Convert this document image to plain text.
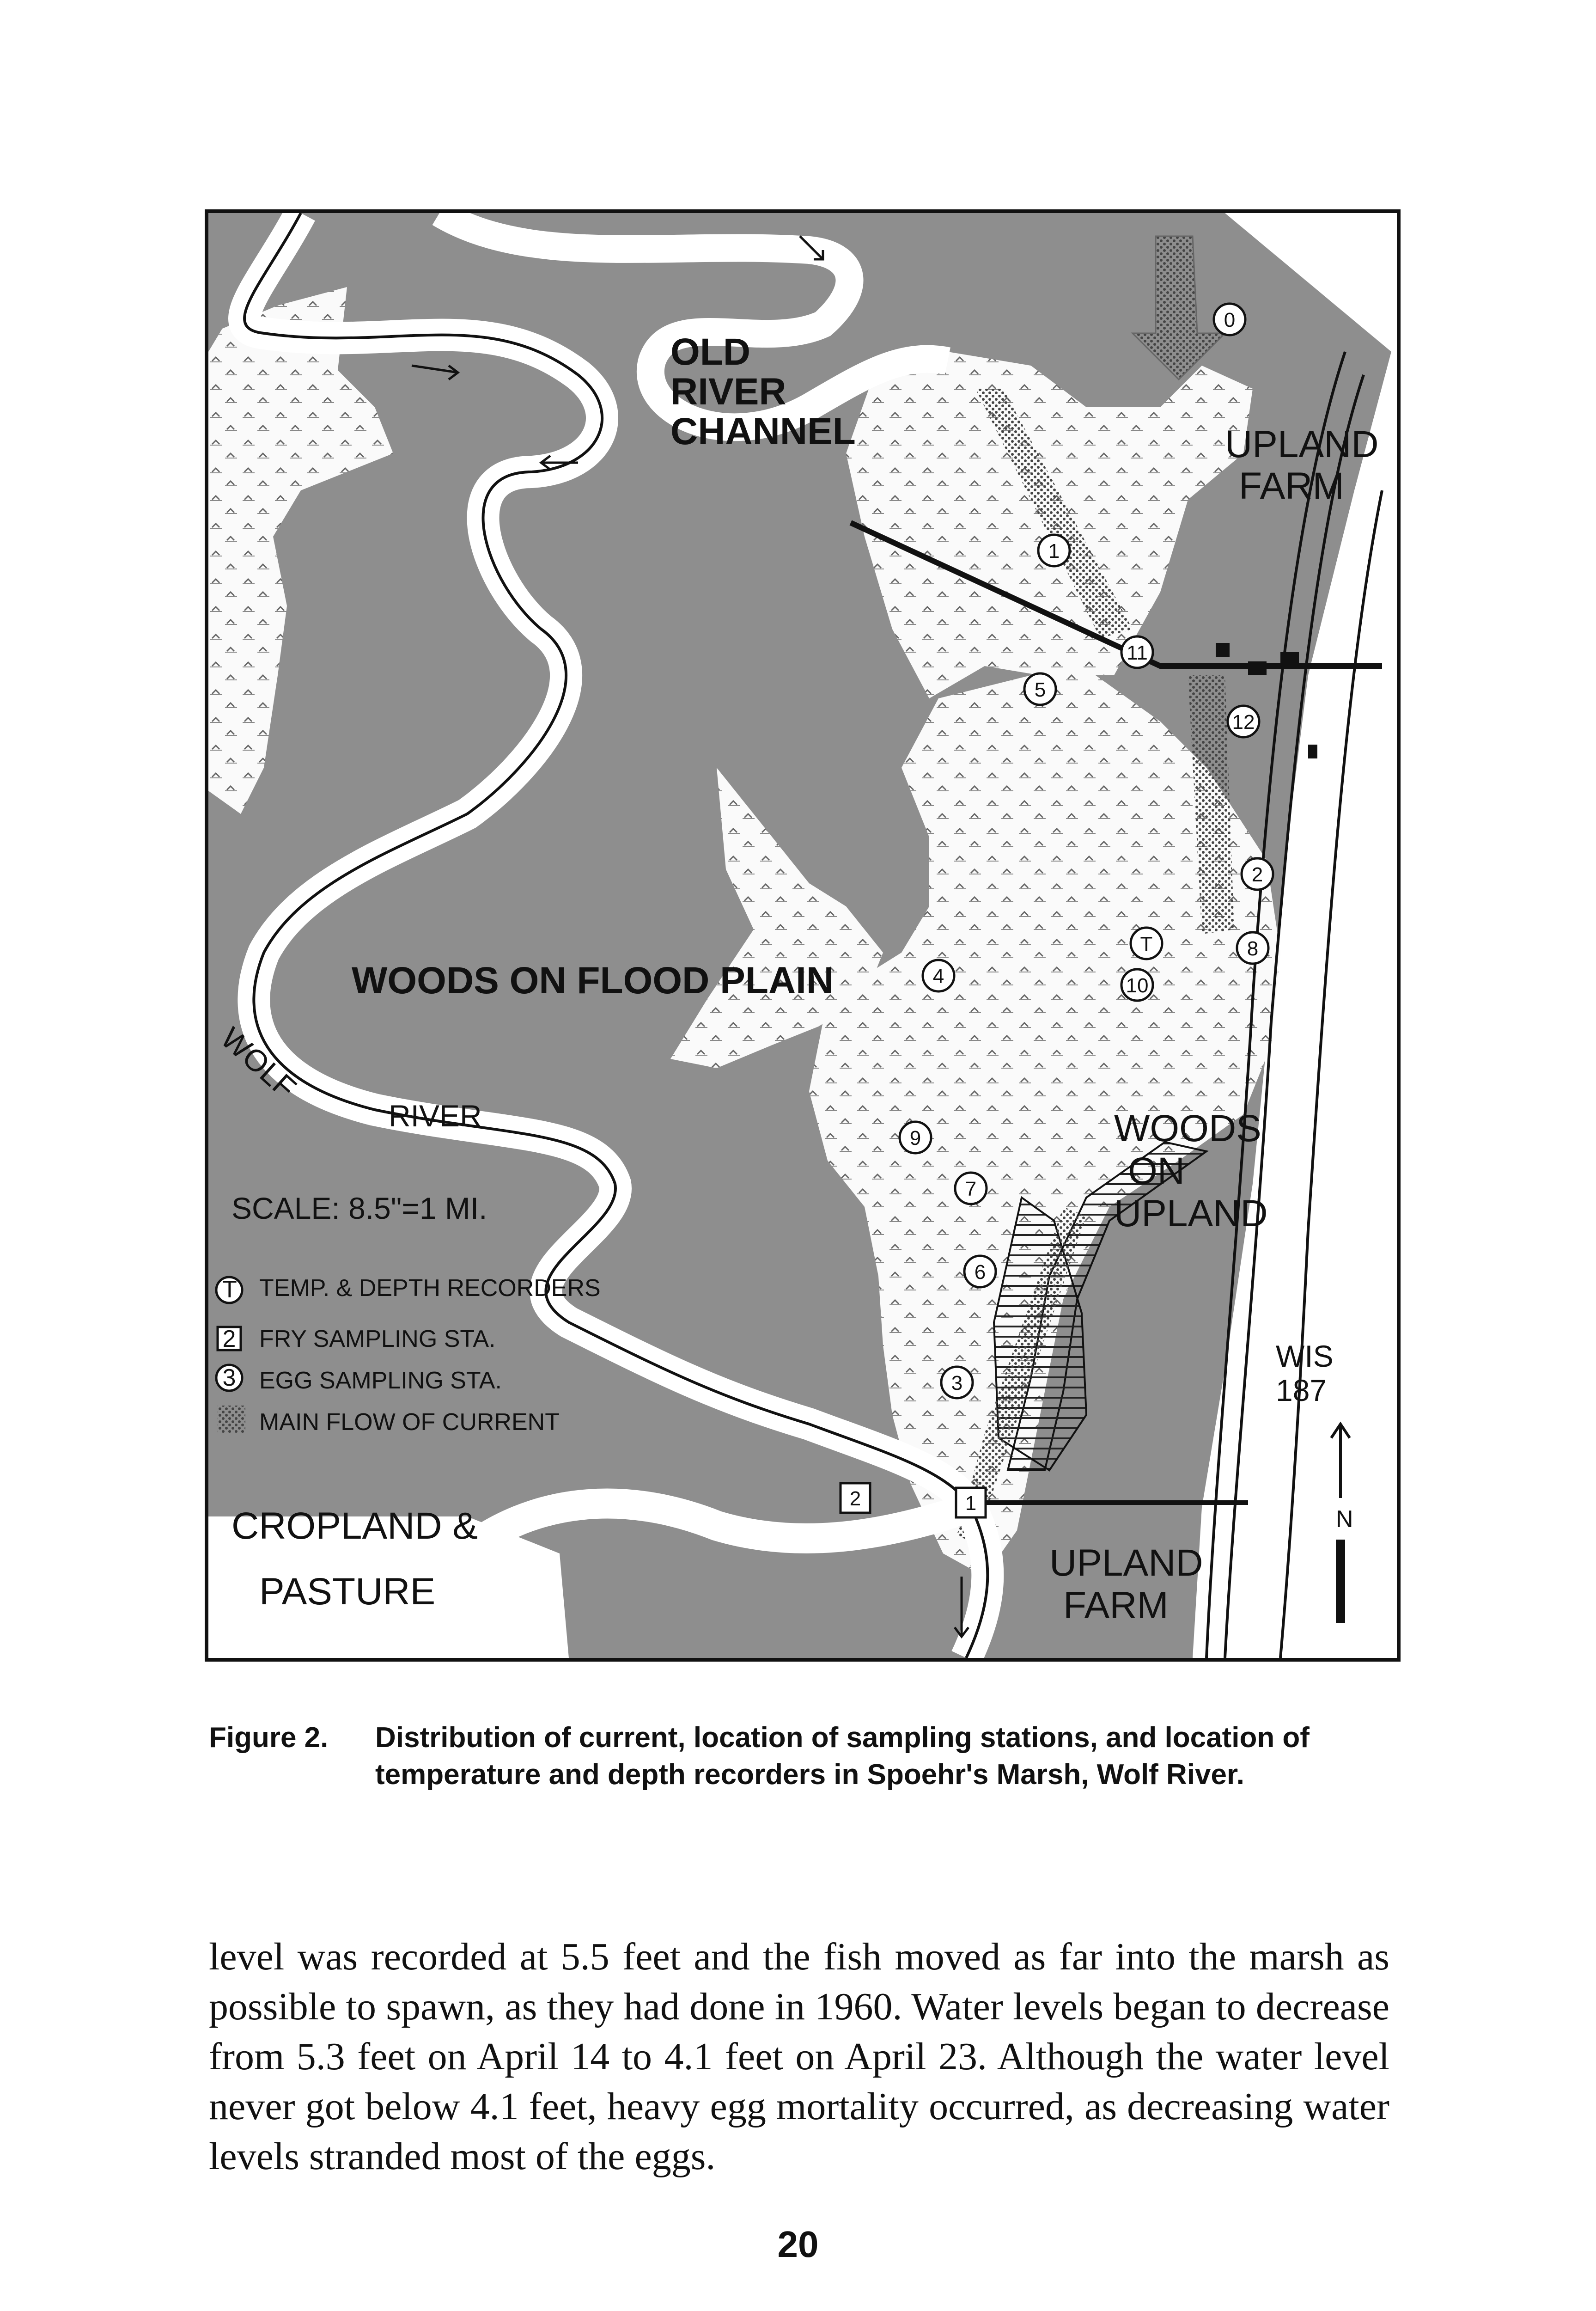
0
1
5
11
12
2
T	8
10
4
9
7
6
3
2	1
OLD
RIVER
CHANNEL	UPLAND
FARM
WOODS ON FLOOD PLAIN
WOLF
RIVER
SCALE: 8.5"=1 MI.
WOODS
ON
UPLAND
WIS
187
TEMP. & DEPTH RECORDERS
FRY SAMPLING STA.
EGG SAMPLING STA.
MAIN FLOW OF CURRENT
T
2
3
CROPLAND &
PASTURE
UPLAND
FARM
N
Figure 2. Distribution of current, location of sampling stations, and location of temperature and depth recorders in Spoehr's Marsh, Wolf River.
level was recorded at 5.5 feet and the fish moved as far into the marsh as possible to spawn, as they had done in 1960. Water levels began to decrease from 5.3 feet on April 14 to 4.1 feet on April 23. Although the water level never got below 4.1 feet, heavy egg mortality occurred, as decreasing water levels stranded most of the eggs.
20
